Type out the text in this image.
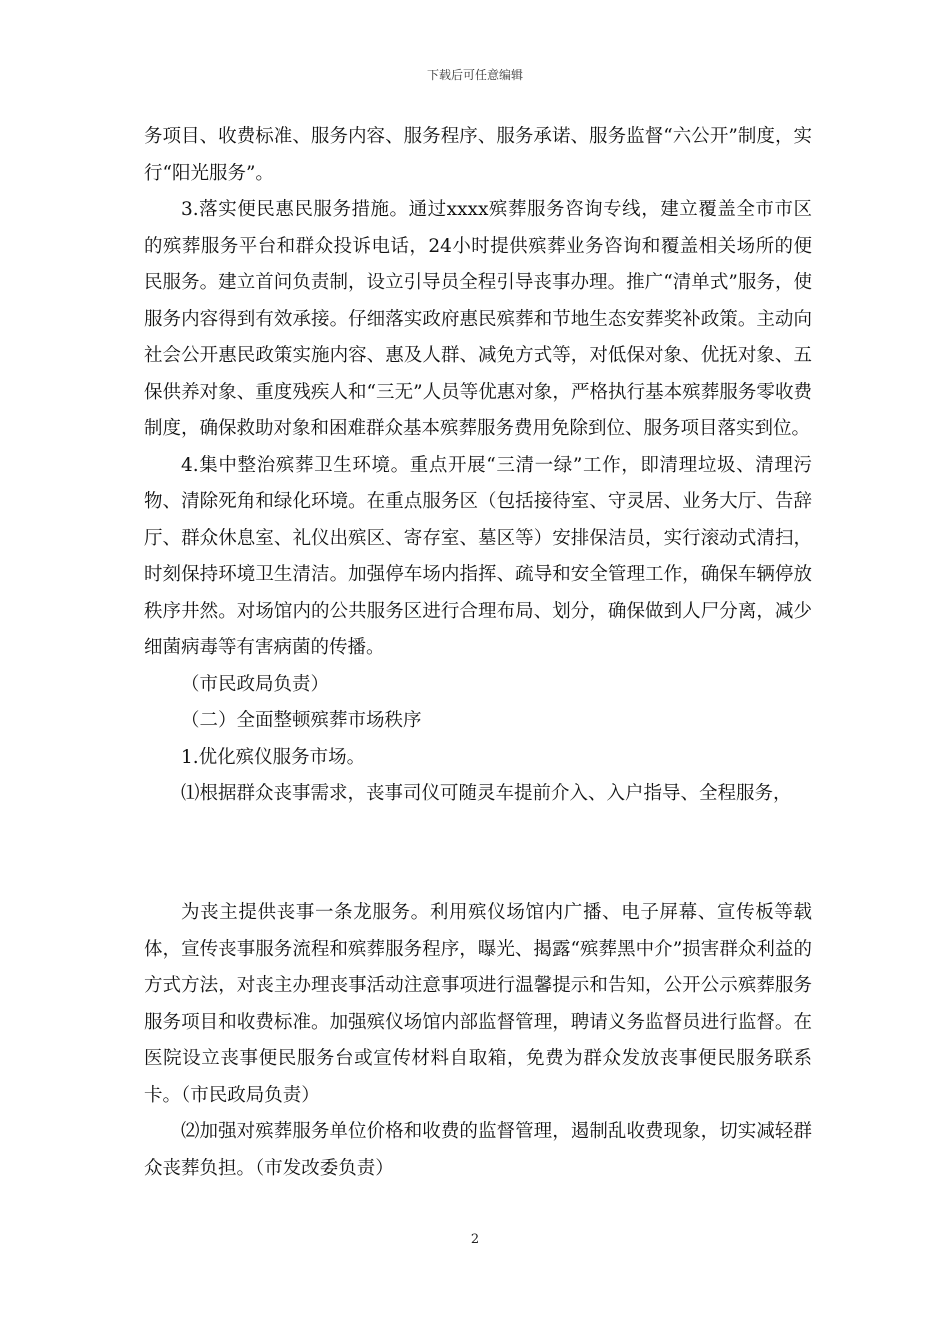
下载后可任意编辑

务项目、收费标准、服务内容、服务程序、服务承诺、服务监督“六公开”制度，实行“阳光服务”。

3.落实便民惠民服务措施。通过xxxx殡葬服务咨询专线，建立覆盖全市市区的殡葬服务平台和群众投诉电话，24小时提供殡葬业务咨询和覆盖相关场所的便民服务。建立首问负责制，设立引导员全程引导丧事办理。推广“清单式”服务，使服务内容得到有效承接。仔细落实政府惠民殡葬和节地生态安葬奖补政策。主动向社会公开惠民政策实施内容、惠及人群、减免方式等，对低保对象、优抚对象、五保供养对象、重度残疾人和“三无”人员等优惠对象，严格执行基本殡葬服务零收费制度，确保救助对象和困难群众基本殡葬服务费用免除到位、服务项目落实到位。

4.集中整治殡葬卫生环境。重点开展“三清一绿”工作，即清理垃圾、清理污物、清除死角和绿化环境。在重点服务区（包括接待室、守灵居、业务大厅、告辞厅、群众休息室、礼仪出殡区、寄存室、墓区等）安排保洁员，实行滚动式清扫，时刻保持环境卫生清洁。加强停车场内指挥、疏导和安全管理工作，确保车辆停放秩序井然。对场馆内的公共服务区进行合理布局、划分，确保做到人尸分离，减少细菌病毒等有害病菌的传播。

（市民政局负责）

（二）全面整顿殡葬市场秩序

1.优化殡仪服务市场。

⑴根据群众丧事需求，丧事司仪可随灵车提前介入、入户指导、全程服务，

为丧主提供丧事一条龙服务。利用殡仪场馆内广播、电子屏幕、宣传板等载体，宣传丧事服务流程和殡葬服务程序，曝光、揭露“殡葬黑中介”损害群众利益的方式方法，对丧主办理丧事活动注意事项进行温馨提示和告知，公开公示殡葬服务服务项目和收费标准。加强殡仪场馆内部监督管理，聘请义务监督员进行监督。在医院设立丧事便民服务台或宣传材料自取箱，免费为群众发放丧事便民服务联系卡。（市民政局负责）

⑵加强对殡葬服务单位价格和收费的监督管理，遏制乱收费现象，切实减轻群众丧葬负担。（市发改委负责）

2
